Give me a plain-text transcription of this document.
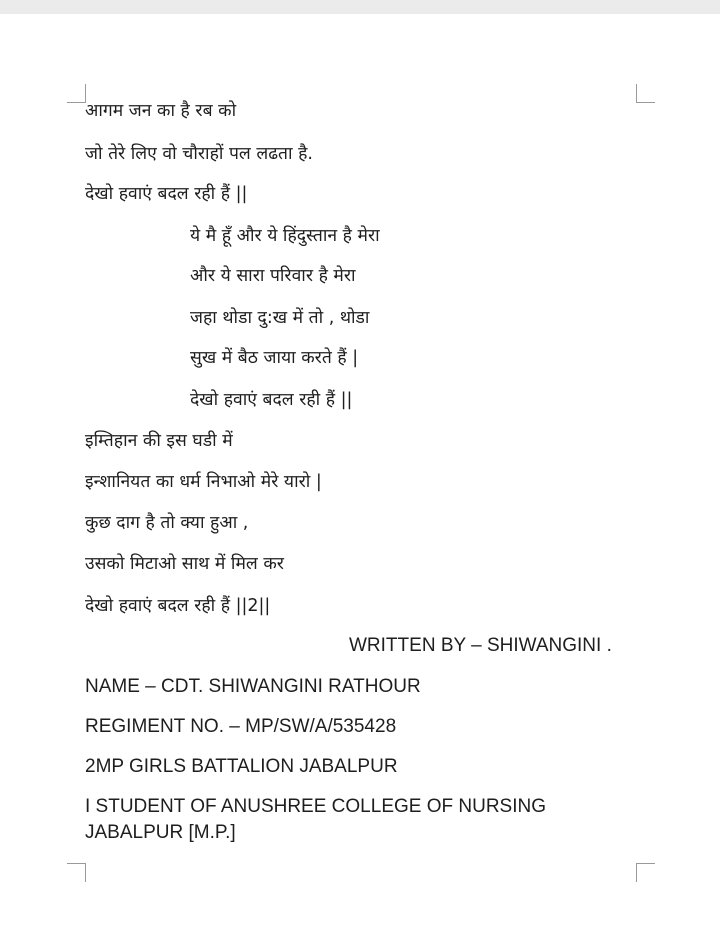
आगम जन का है रब को
जो तेरे लिए वो चौराहों पल लढता है.
देखो हवाएं बदल रही हैं ||
ये मै हूँ और ये हिंदुस्तान है मेरा
और ये सारा परिवार है मेरा
जहा थोडा दु:ख में तो , थोडा
सुख में बैठ जाया करते हैं |
देखो हवाएं बदल रही हैं ||
इम्तिहान की इस घडी में
इन्शानियत का धर्म निभाओ मेरे यारो |
कुछ दाग है तो क्या हुआ ,
उसको मिटाओ साथ में मिल कर
देखो हवाएं बदल रही हैं ||2||
WRITTEN BY – SHIWANGINI .
NAME – CDT. SHIWANGINI RATHOUR
REGIMENT NO. – MP/SW/A/535428
2MP GIRLS BATTALION JABALPUR
I STUDENT OF ANUSHREE COLLEGE OF NURSING
JABALPUR [M.P.]
